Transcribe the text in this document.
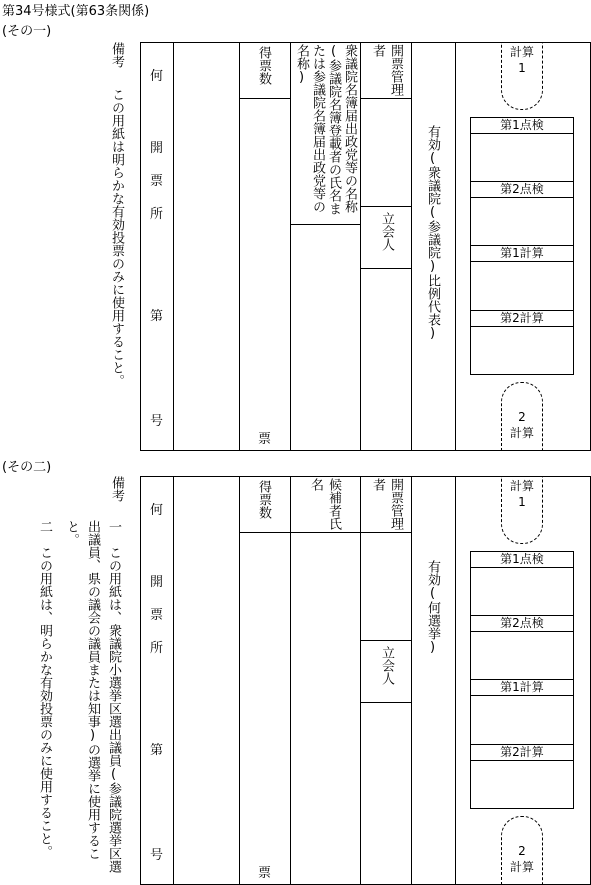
第34号様式(第63条関係)
(その一)
備考
この用紙は明らかな有効投票のみに使用すること。
何
開
票
所
第
号
得票数
票
衆議院名簿届出政党等の名称(参議院名簿登載者の氏名または参議院名簿届出政党等の名称)	開票管理者
立会人 有効(衆議院(参議院)比例代表)
計算
1
2
計算
第1点検
第2点検
第1計算
第2計算
(その二)
備考
一　この用紙は、衆議院小選挙区選出議員(参議院選挙区選出議員、県の議会の議員または知事)の選挙に使用すること。
二　この用紙は、明らかな有効投票のみに使用すること。
何
開
票
所
第
号
得票数
票
候補者氏名	開票管理者
立会人
有効(何選挙)
計算
1
2
計算
第1点検
第2点検
第1計算
第2計算
